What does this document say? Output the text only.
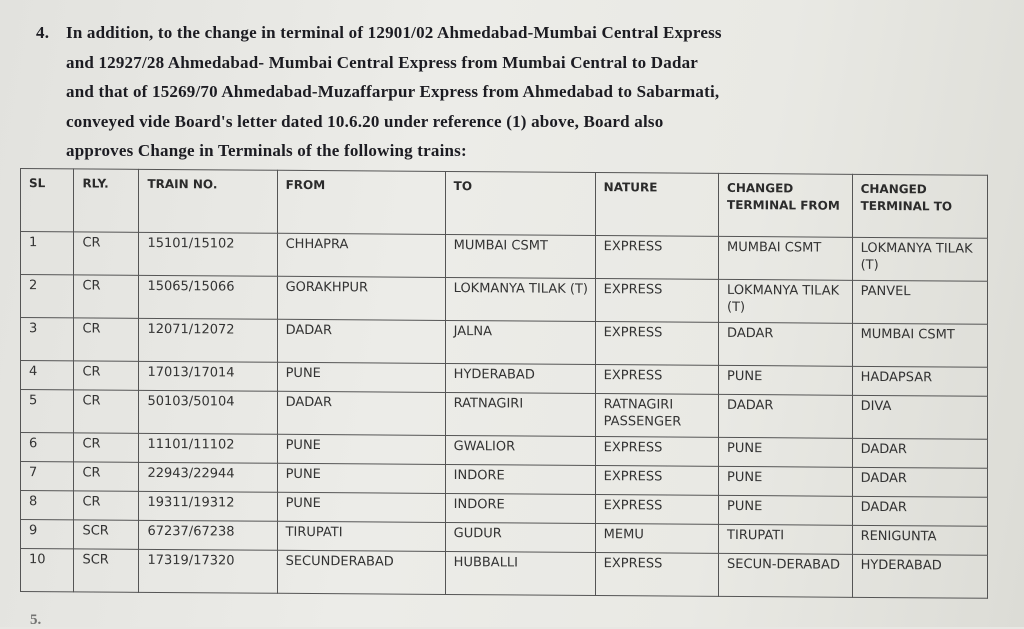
4. In addition, to the change in terminal of 12901/02 Ahmedabad-Mumbai Central Express
and 12927/28 Ahmedabad- Mumbai Central Express from Mumbai Central to Dadar
and that of 15269/70 Ahmedabad-Muzaffarpur Express from Ahmedabad to Sabarmati,
conveyed vide Board's letter dated 10.6.20 under reference (1) above, Board also
approves Change in Terminals of the following trains:
SL	RLY.	TRAIN NO.	FROM	TO	NATURE	CHANGED TERMINAL FROM	CHANGED TERMINAL TO
1	CR	15101/15102	CHHAPRA	MUMBAI CSMT	EXPRESS	MUMBAI CSMT	LOKMANYA TILAK (T)
2	CR	15065/15066	GORAKHPUR	LOKMANYA TILAK (T)	EXPRESS	LOKMANYA TILAK (T)	PANVEL
3	CR	12071/12072	DADAR	JALNA	EXPRESS	DADAR	MUMBAI CSMT
4	CR	17013/17014	PUNE	HYDERABAD	EXPRESS	PUNE	HADAPSAR
5	CR	50103/50104	DADAR	RATNAGIRI	RATNAGIRI PASSENGER	DADAR	DIVA
6	CR	11101/11102	PUNE	GWALIOR	EXPRESS	PUNE	DADAR
7	CR	22943/22944	PUNE	INDORE	EXPRESS	PUNE	DADAR
8	CR	19311/19312	PUNE	INDORE	EXPRESS	PUNE	DADAR
9	SCR	67237/67238	TIRUPATI	GUDUR	MEMU	TIRUPATI	RENIGUNTA
10	SCR	17319/17320	SECUNDERABAD	HUBBALLI	EXPRESS	SECUN-DERABAD	HYDERABAD
5.
